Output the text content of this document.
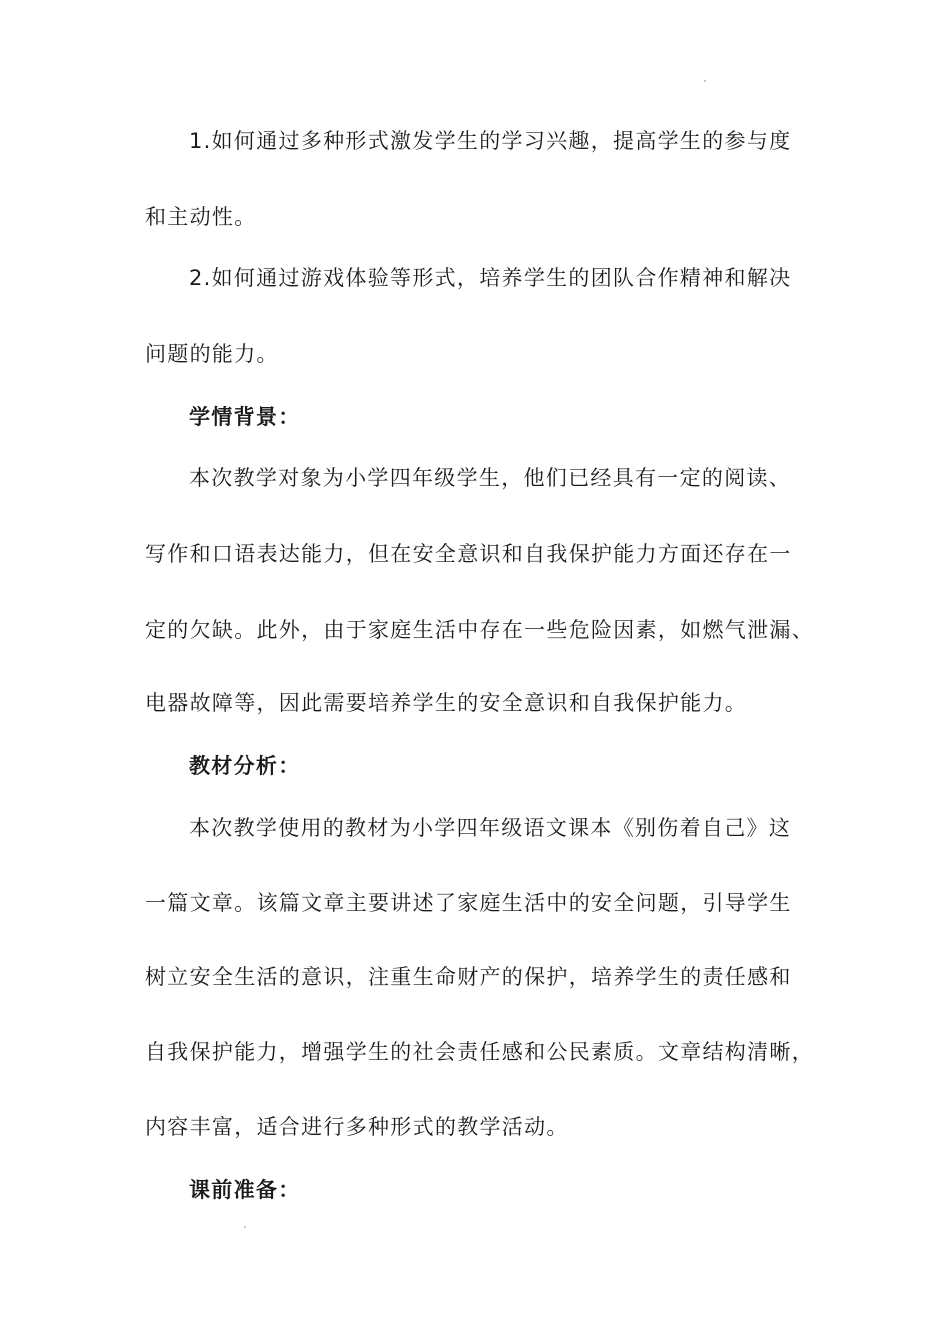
1.如何通过多种形式激发学生的学习兴趣，提高学生的参与度
和主动性。
2.如何通过游戏体验等形式，培养学生的团队合作精神和解决
问题的能力。
学情背景：
本次教学对象为小学四年级学生，他们已经具有一定的阅读、
写作和口语表达能力，但在安全意识和自我保护能力方面还存在一
定的欠缺。此外，由于家庭生活中存在一些危险因素，如燃气泄漏、
电器故障等，因此需要培养学生的安全意识和自我保护能力。
教材分析：
本次教学使用的教材为小学四年级语文课本《别伤着自己》这
一篇文章。该篇文章主要讲述了家庭生活中的安全问题，引导学生
树立安全生活的意识，注重生命财产的保护，培养学生的责任感和
自我保护能力，增强学生的社会责任感和公民素质。文章结构清晰，
内容丰富，适合进行多种形式的教学活动。
课前准备：
